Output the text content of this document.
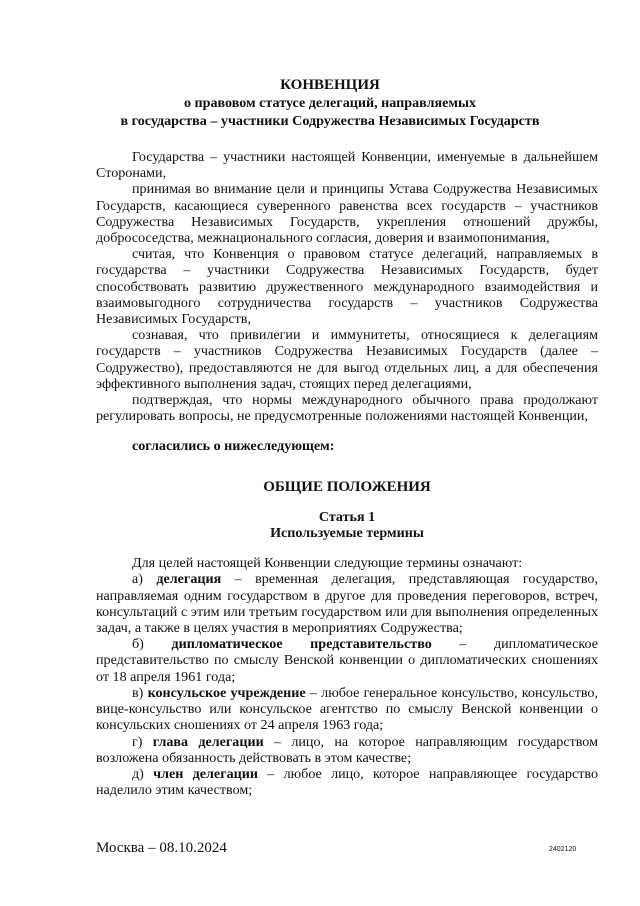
КОНВЕНЦИЯ
о правовом статусе делегаций, направляемых
в государства – участники Содружества Независимых Государств

Государства – участники настоящей Конвенции, именуемые в дальнейшем Сторонами,

принимая во внимание цели и принципы Устава Содружества Независимых Государств, касающиеся суверенного равенства всех государств – участников Содружества Независимых Государств, укрепления отношений дружбы, добрососедства, межнационального согласия, доверия и взаимопонимания,

считая, что Конвенция о правовом статусе делегаций, направляемых в государства – участники Содружества Независимых Государств, будет способствовать развитию дружественного международного взаимодействия и взаимовыгодного сотрудничества государств – участников Содружества Независимых Государств,

сознавая, что привилегии и иммунитеты, относящиеся к делегациям государств – участников Содружества Независимых Государств (далее – Содружество), предоставляются не для выгод отдельных лиц, а для обеспечения эффективного выполнения задач, стоящих перед делегациями,

подтверждая, что нормы международного обычного права продолжают регулировать вопросы, не предусмотренные положениями настоящей Конвенции,

согласились о нижеследующем:

ОБЩИЕ ПОЛОЖЕНИЯ

Статья 1

Используемые термины

Для целей настоящей Конвенции следующие термины означают:

а) делегация – временная делегация, представляющая государство, направляемая одним государством в другое для проведения переговоров, встреч, консультаций с этим или третьим государством или для выполнения определенных задач, а также в целях участия в мероприятиях Содружества;

б) дипломатическое представительство – дипломатическое представительство по смыслу Венской конвенции о дипломатических сношениях от 18 апреля 1961 года;

в) консульское учреждение – любое генеральное консульство, консульство, вице-консульство или консульское агентство по смыслу Венской конвенции о консульских сношениях от 24 апреля 1963 года;

г) глава делегации – лицо, на которое направляющим государством возложена обязанность действовать в этом качестве;

д) член делегации – любое лицо, которое направляющее государство наделило этим качеством;

Москва – 08.10.2024	2402120
